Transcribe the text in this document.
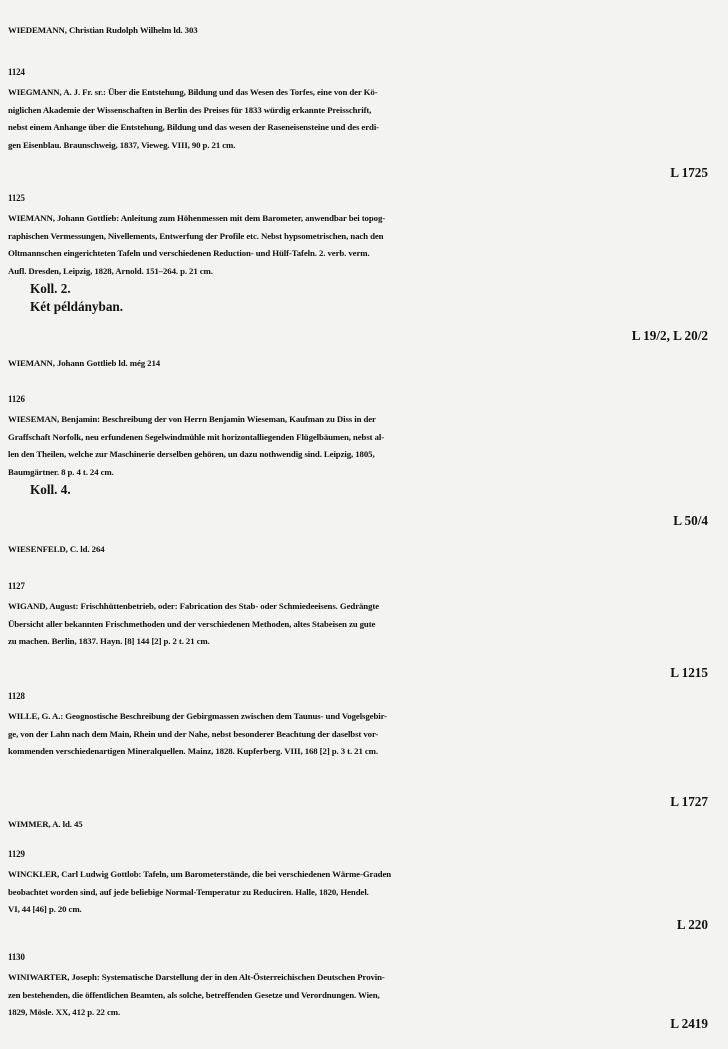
WIEDEMANN, Christian Rudolph Wilhelm ld. 303
1124
WIEGMANN, A. J. Fr. sr.: Über die Entstehung, Bildung und das Wesen des Torfes, eine von der Kö-
niglichen Akademie der Wissenschaften in Berlin des Preises für 1833 würdig erkannte Preisschrift,
nebst einem Anhange über die Entstehung, Bildung und das wesen der Raseneisensteine und des erdi-
gen Eisenblau. Braunschweig, 1837, Vieweg. VIII, 90 p. 21 cm.
L 1725
1125
WIEMANN, Johann Gottlieb: Anleitung zum Höhenmessen mit dem Barometer, anwendbar bei topog-
raphischen Vermessungen, Nivellements, Entwerfung der Profile etc. Nebst hypsometrischen, nach den
Oltmannschen eingerichteten Tafeln und verschiedenen Reduction- und Hülf-Tafeln. 2. verb. verm.
Aufl. Dresden, Leipzig, 1828, Arnold. 151–264. p. 21 cm.
Koll. 2.
Két példányban.
L 19/2, L 20/2
WIEMANN, Johann Gottlieb ld. még 214
1126
WIESEMAN, Benjamin: Beschreibung der von Herrn Benjamin Wieseman, Kaufman zu Diss in der
Graffschaft Norfolk, neu erfundenen Segelwindmühle mit horizontalliegenden Flügelbäumen, nebst al-
len den Theilen, welche zur Maschinerie derselben gehören, un dazu nothwendig sind. Leipzig, 1805,
Baumgärtner. 8 p. 4 t. 24 cm.
Koll. 4.
L 50/4
WIESENFELD, C. ld. 264
1127
WIGAND, August: Frischhüttenbetrieb, oder: Fabrication des Stab- oder Schmiedeeisens. Gedrängte
Übersicht aller bekannten Frischmethoden und der verschiedenen Methoden, altes Stabeisen zu gute
zu machen. Berlin, 1837. Hayn. [8] 144 [2] p. 2 t. 21 cm.
L 1215
1128
WILLE, G. A.: Geognostische Beschreibung der Gebirgmassen zwischen dem Taunus- und Vogelsgebir-
ge, von der Lahn nach dem Main, Rhein und der Nahe, nebst besonderer Beachtung der daselbst vor-
kommenden verschiedenartigen Mineralquellen. Mainz, 1828. Kupferberg. VIII, 168 [2] p. 3 t. 21 cm.
L 1727
WIMMER, A. ld. 45
1129
WINCKLER, Carl Ludwig Gottlob: Tafeln, um Barometerstände, die bei verschiedenen Wärme-Graden
beobachtet worden sind, auf jede beliebige Normal-Temperatur zu Reduciren. Halle, 1820, Hendel.
VI, 44 [46] p. 20 cm.
L 220
1130
WINIWARTER, Joseph: Systematische Darstellung der in den Alt-Österreichischen Deutschen Provin-
zen bestehenden, die öffentlichen Beamten, als solche, betreffenden Gesetze und Verordnungen. Wien,
1829, Mösle. XX, 412 p. 22 cm.
L 2419
